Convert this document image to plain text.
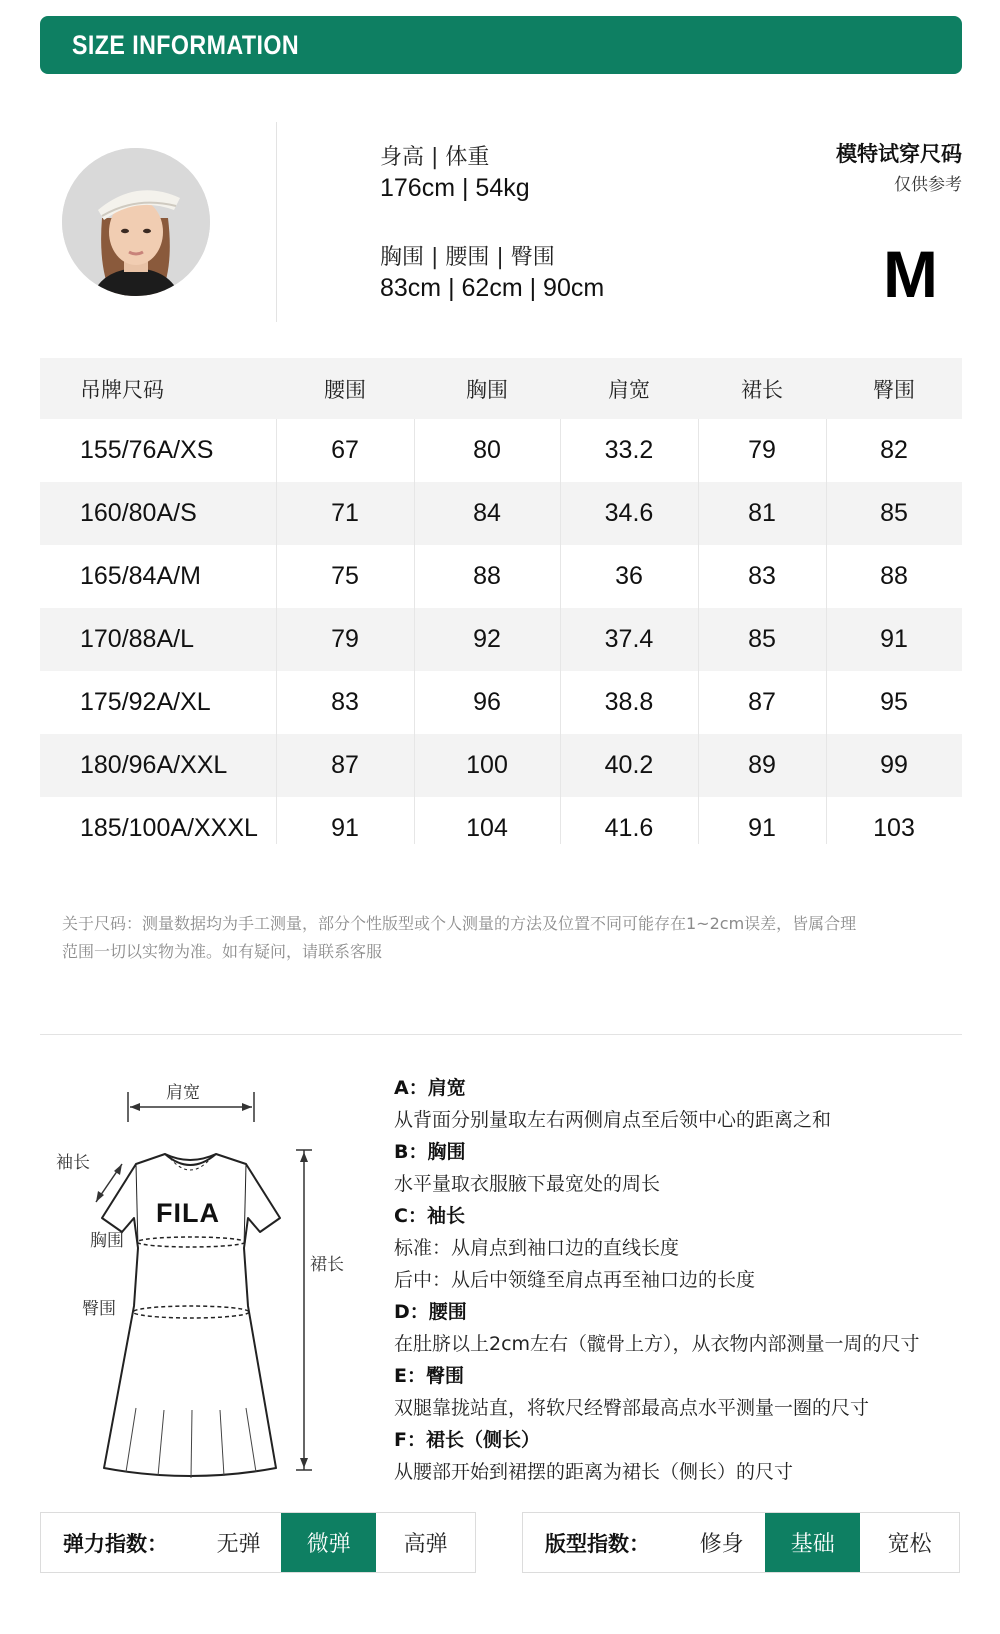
SIZE INFORMATION
身高 | 体重
176cm | 54kg
胸围 | 腰围 | 臀围
83cm | 62cm | 90cm
模特试穿尺码
仅供参考
M
吊牌尺码	腰围	胸围	肩宽	裙长	臀围
155/76A/XS	67	80	33.2	79	82
160/80A/S	71	84	34.6	81	85
165/84A/M	75	88	36	83	88
170/88A/L	79	92	37.4	85	91
175/92A/XL	83	96	38.8	87	95
180/96A/XXL	87	100	40.2	89	99
185/100A/XXXL	91	104	41.6	91	103
关于尺码：测量数据均为手工测量，部分个性版型或个人测量的方法及位置不同可能存在1~2cm误差，皆属合理
范围一切以实物为准。如有疑问，请联系客服
肩宽
袖长
胸围
臀围
裙长
FILA
A：肩宽
从背面分别量取左右两侧肩点至后领中心的距离之和
B：胸围
水平量取衣服腋下最宽处的周长
C：袖长
标准：从肩点到袖口边的直线长度
后中：从后中领缝至肩点再至袖口边的长度
D：腰围
在肚脐以上2cm左右（髋骨上方），从衣物内部测量一周的尺寸
E：臀围
双腿靠拢站直，将软尺经臀部最高点水平测量一圈的尺寸
F：裙长（侧长）
从腰部开始到裙摆的距离为裙长（侧长）的尺寸
弹力指数：	无弹	微弹	高弹	版型指数：	修身	基础	宽松
